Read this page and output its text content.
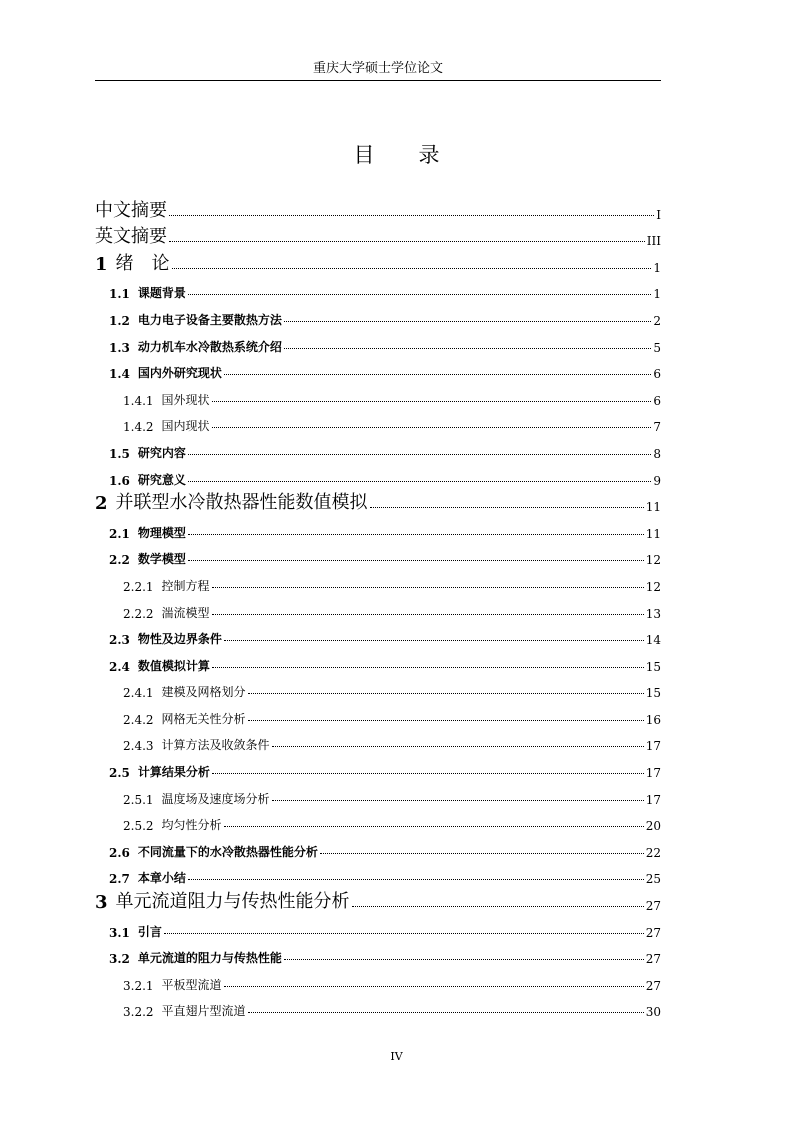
重庆大学硕士学位论文
目录
中文摘要	I
英文摘要	III
1 绪　论	1
1.1 课题背景	1
1.2 电力电子设备主要散热方法	2
1.3 动力机车水冷散热系统介绍	5
1.4 国内外研究现状	6
1.4.1 国外现状	6
1.4.2 国内现状	7
1.5 研究内容	8
1.6 研究意义	9
2 并联型水冷散热器性能数值模拟	11
2.1 物理模型	11
2.2 数学模型	12
2.2.1 控制方程	12
2.2.2 湍流模型	13
2.3 物性及边界条件	14
2.4 数值模拟计算	15
2.4.1 建模及网格划分	15
2.4.2 网格无关性分析	16
2.4.3 计算方法及收敛条件	17
2.5 计算结果分析	17
2.5.1 温度场及速度场分析	17
2.5.2 均匀性分析	20
2.6 不同流量下的水冷散热器性能分析	22
2.7 本章小结	25
3 单元流道阻力与传热性能分析	27
3.1 引言	27
3.2 单元流道的阻力与传热性能	27
3.2.1 平板型流道	27
3.2.2 平直翅片型流道	30
IV
